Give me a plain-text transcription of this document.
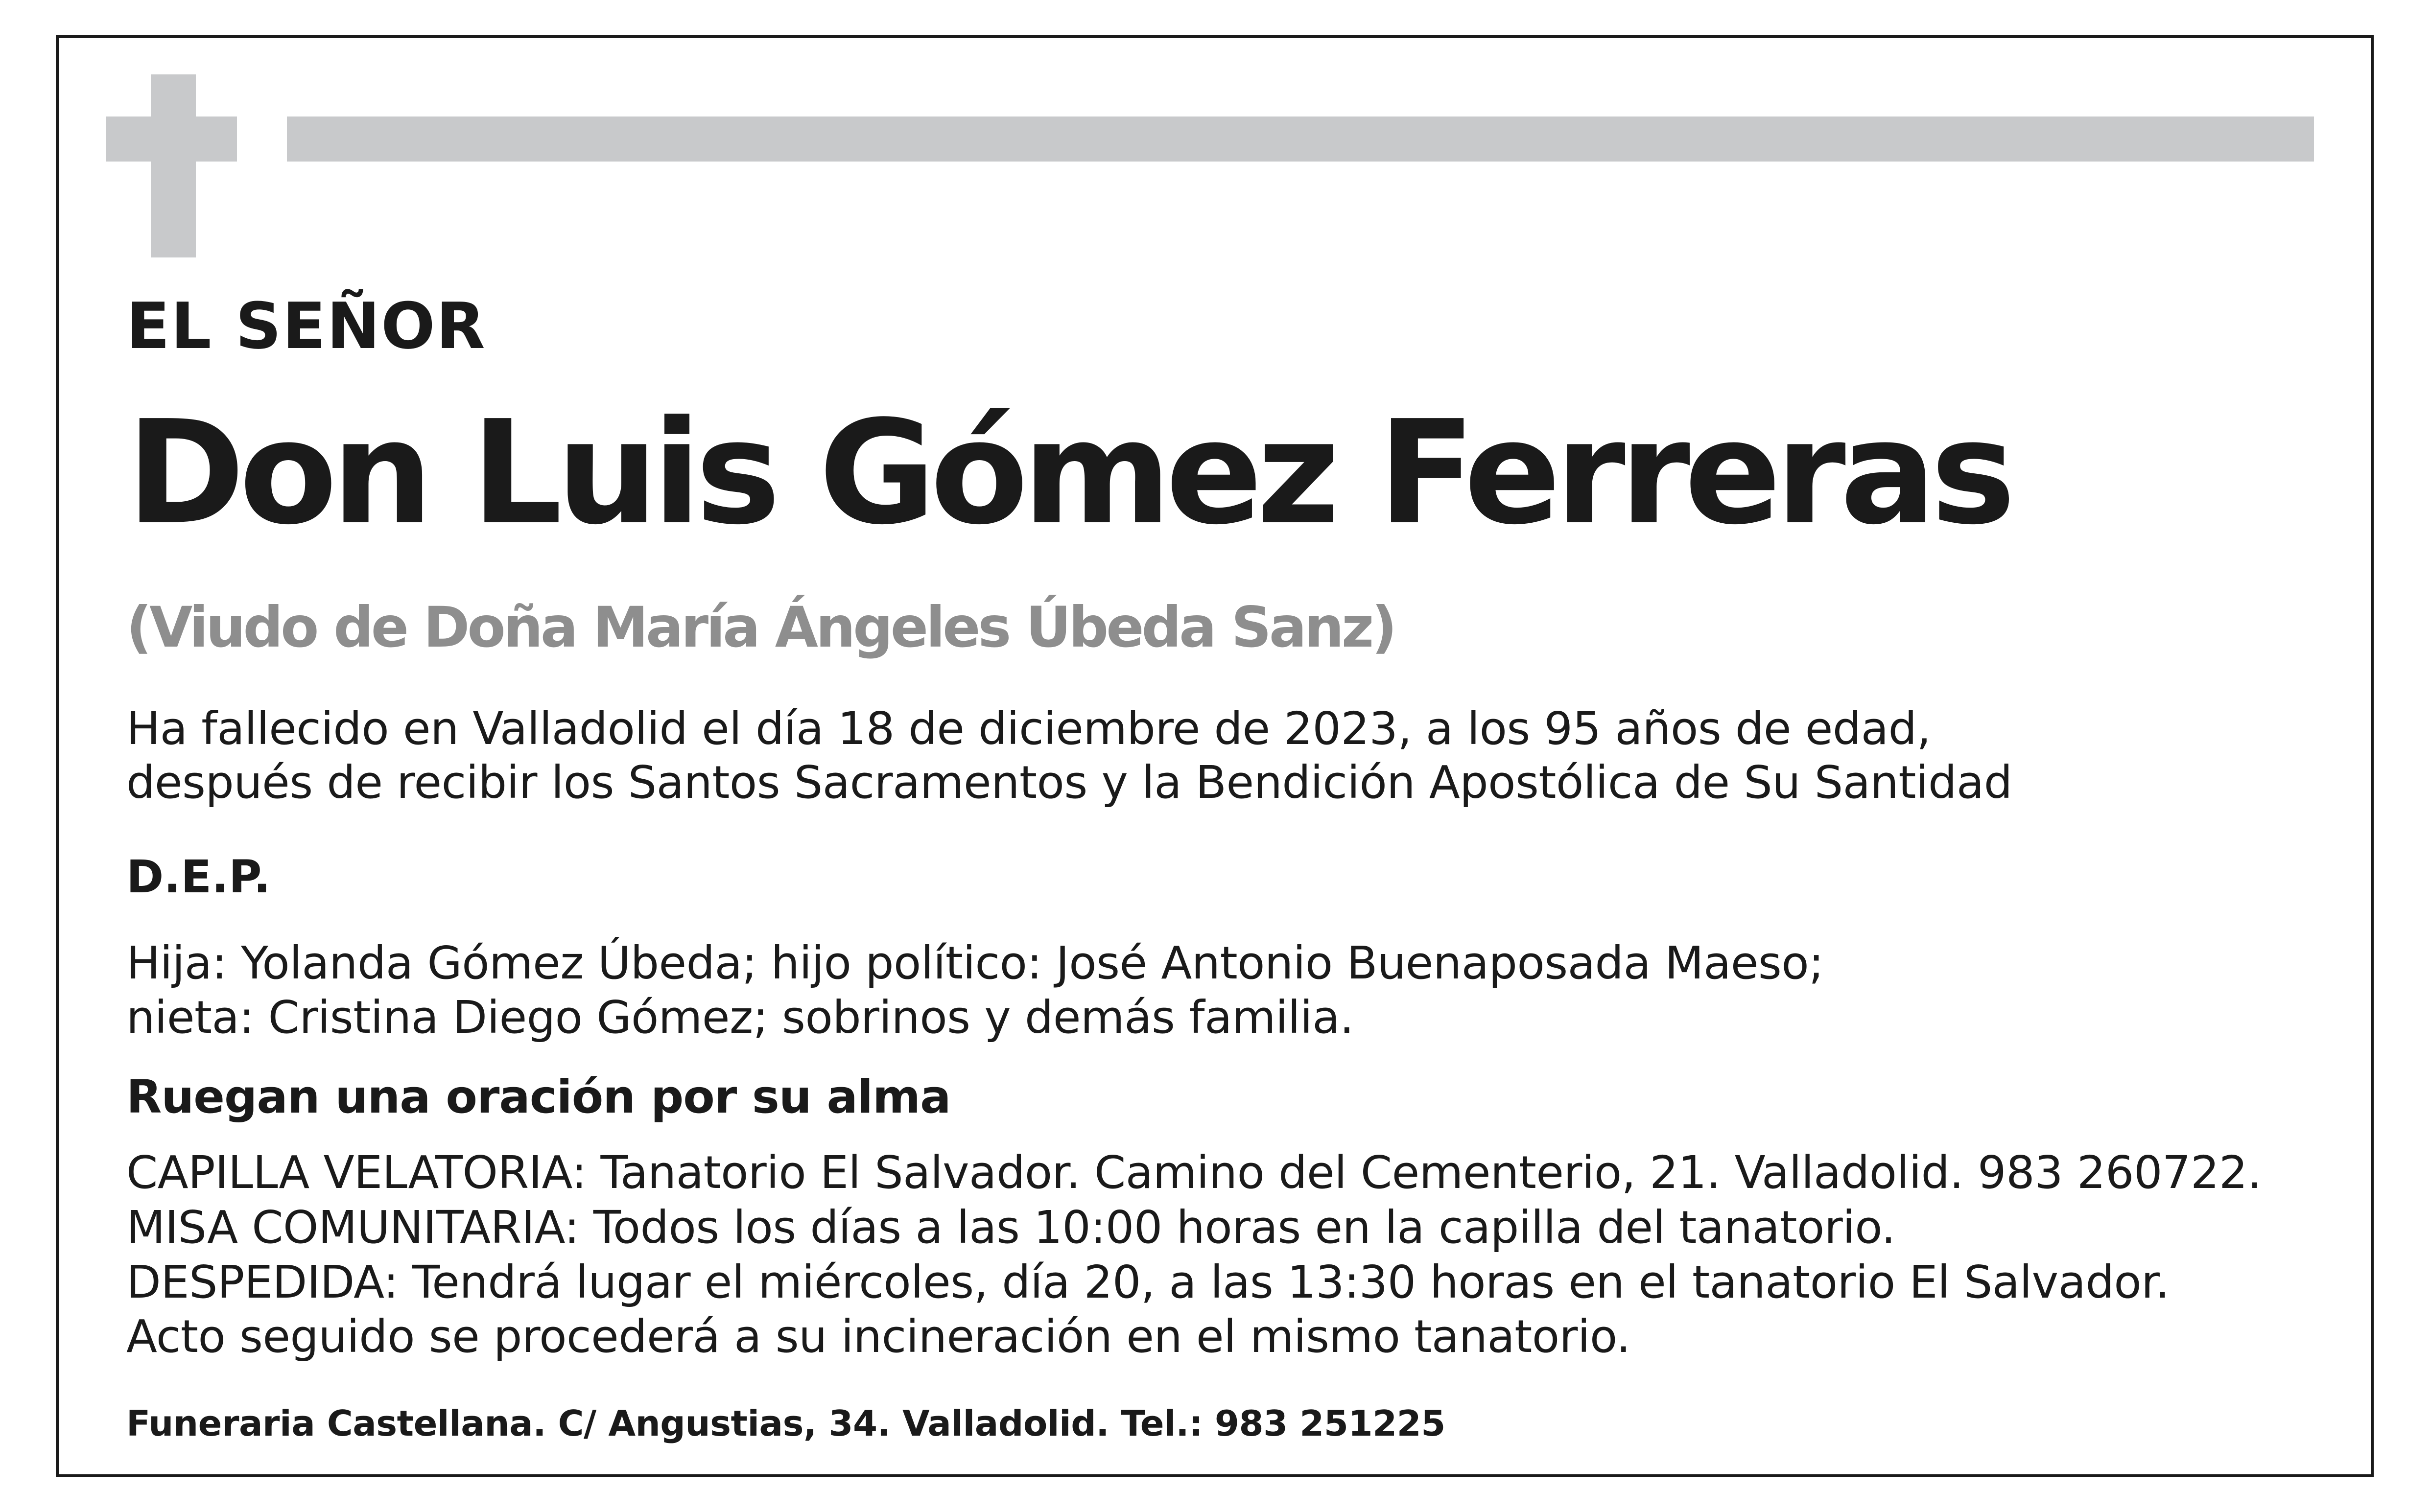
EL SEÑOR

Don Luis Gómez Ferreras

(Viudo de Doña María Ángeles Úbeda Sanz)

Ha fallecido en Valladolid el día 18 de diciembre de 2023, a los 95 años de edad,

después de recibir los Santos Sacramentos y la Bendición Apostólica de Su Santidad

D.E.P.

Hija: Yolanda Gómez Úbeda; hijo político: José Antonio Buenaposada Maeso;

nieta: Cristina Diego Gómez; sobrinos y demás familia.

Ruegan una oración por su alma

CAPILLA VELATORIA: Tanatorio El Salvador. Camino del Cementerio, 21. Valladolid. 983 260722.

MISA COMUNITARIA: Todos los días a las 10:00 horas en la capilla del tanatorio.

DESPEDIDA: Tendrá lugar el miércoles, día 20, a las 13:30 horas en el tanatorio El Salvador.

Acto seguido se procederá a su incineración en el mismo tanatorio.

Funeraria Castellana. C/ Angustias, 34. Valladolid. Tel.: 983 251225
